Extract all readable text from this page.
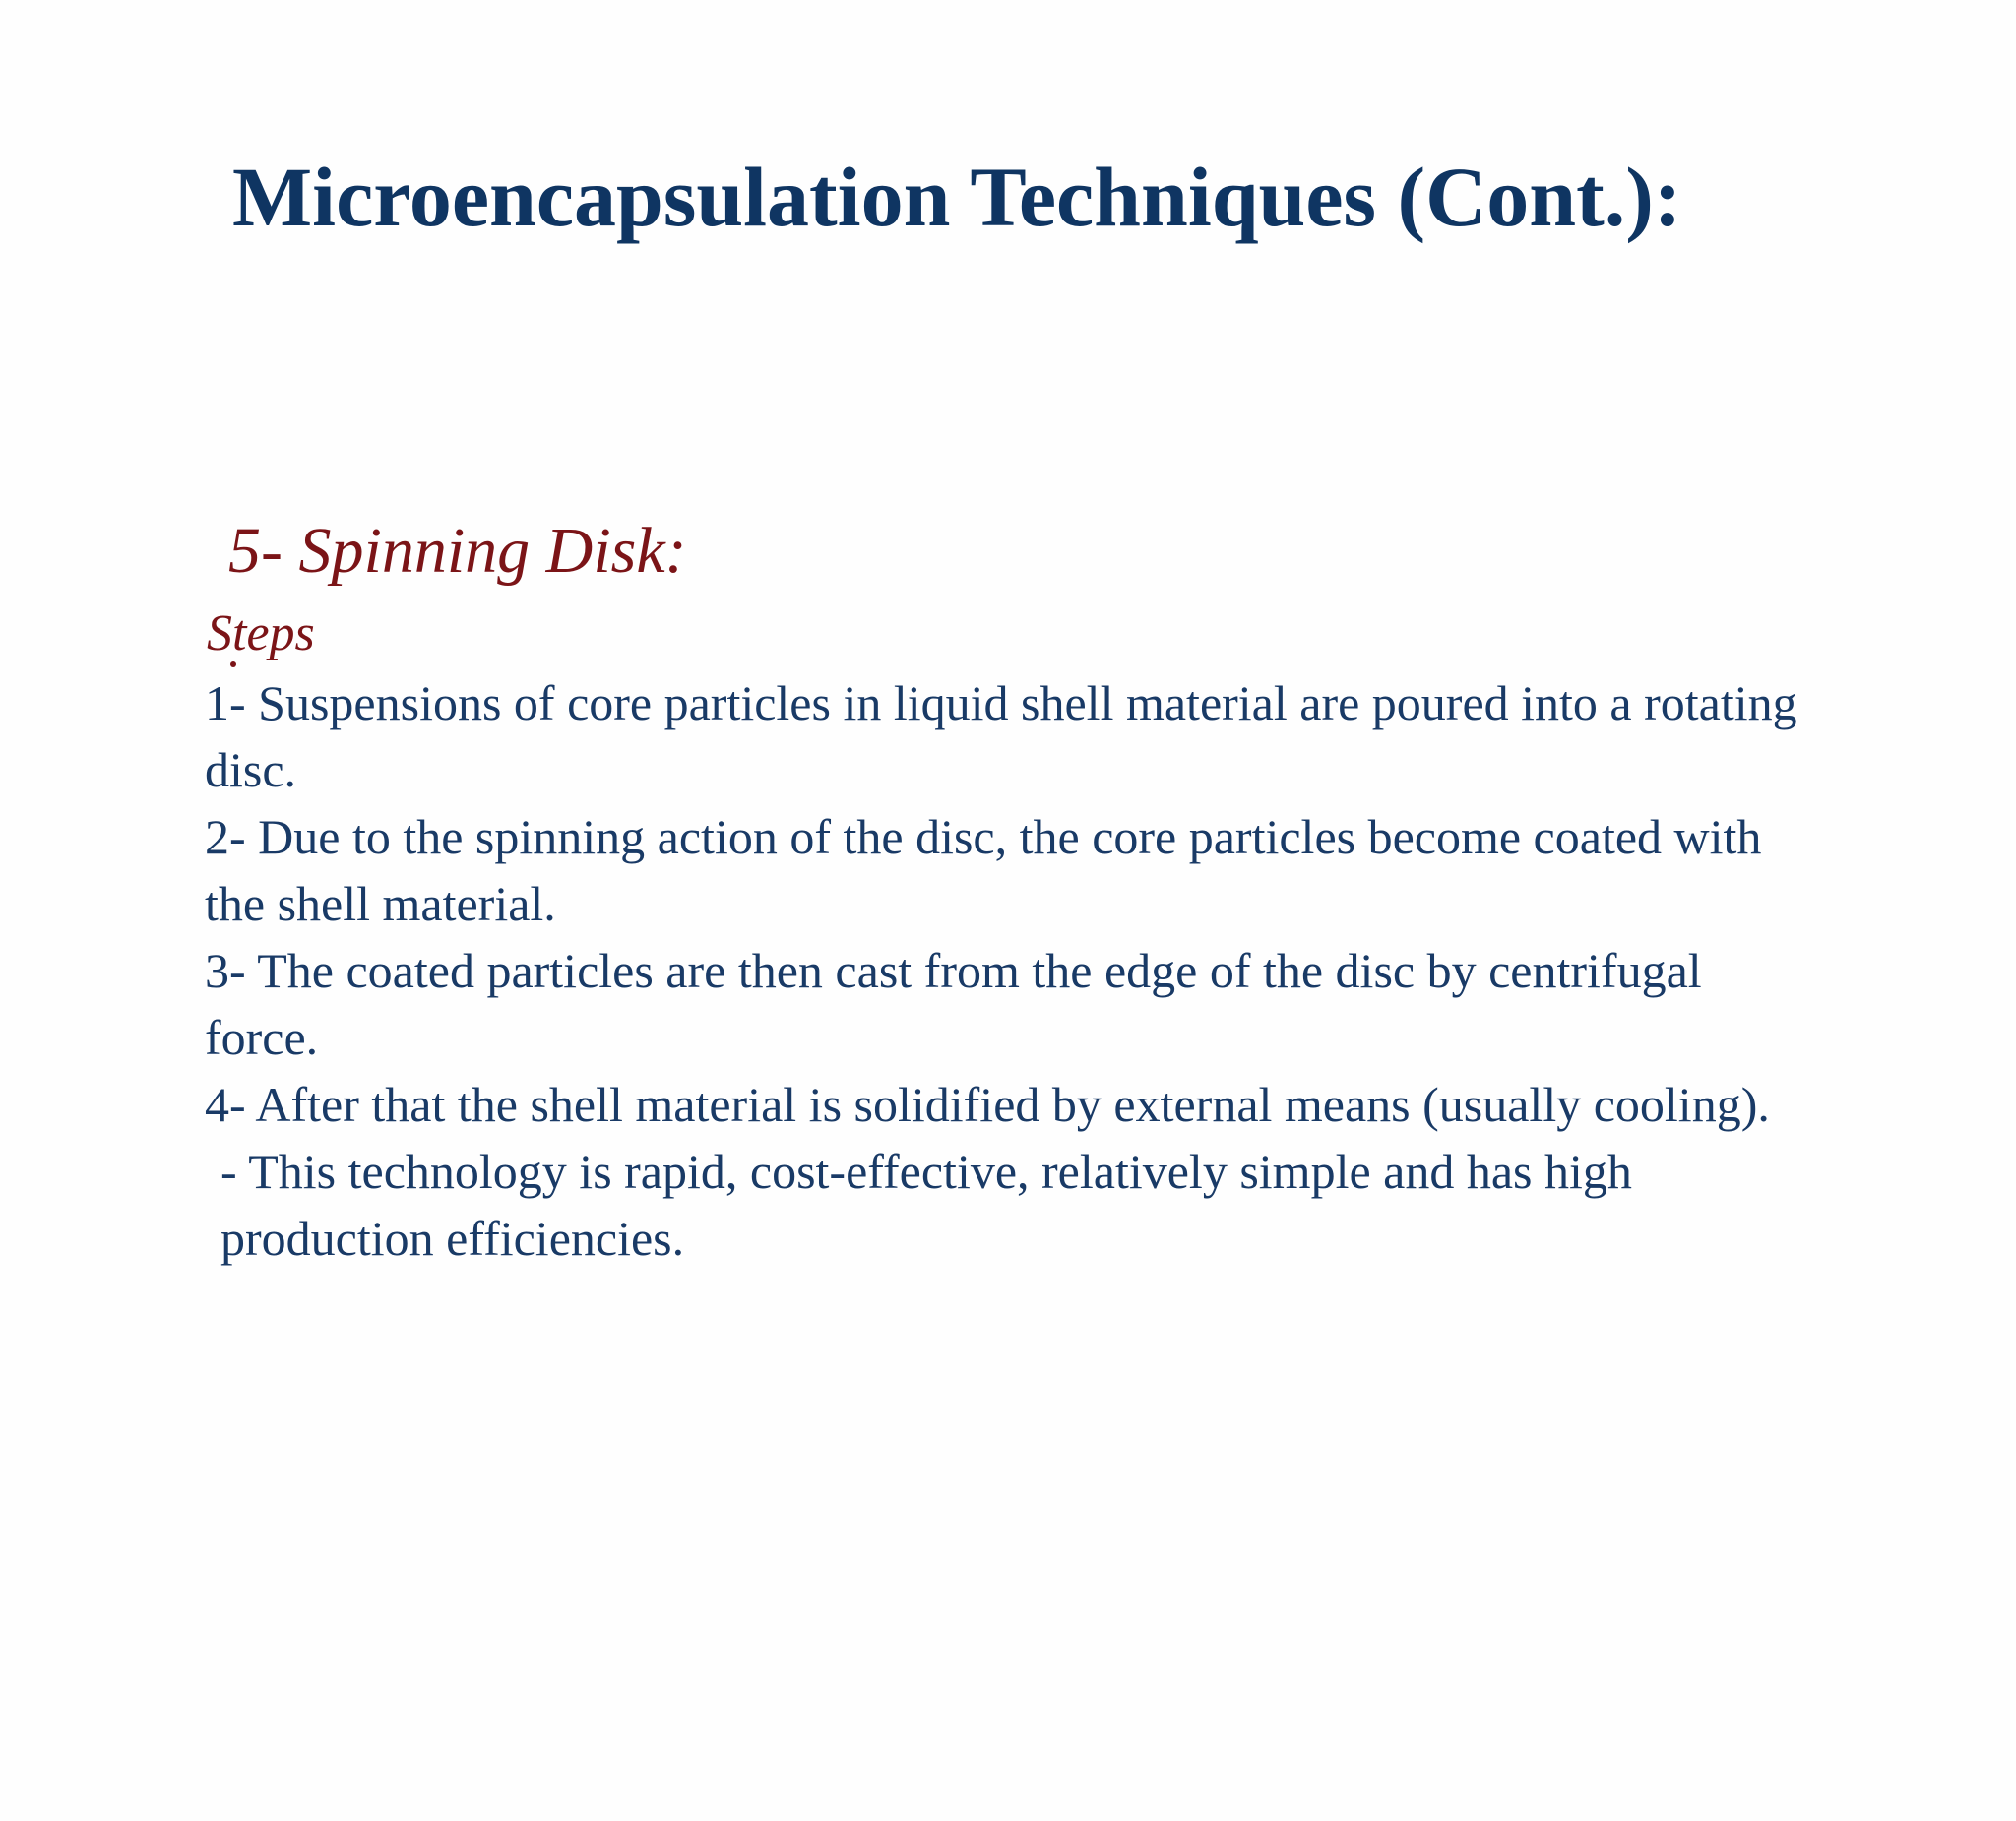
Microencapsulation Techniques (Cont.):
5- Spinning Disk:
Steps

1- Suspensions of core particles in liquid shell material are poured into a rotating disc.

2- Due to the spinning action of the disc, the core particles become coated with the shell material.

3- The coated particles are then cast from the edge of the disc by centrifugal force.

4- After that the shell material is solidified by external means (usually cooling).

- This technology is rapid, cost-effective, relatively simple and has high production efficiencies.
